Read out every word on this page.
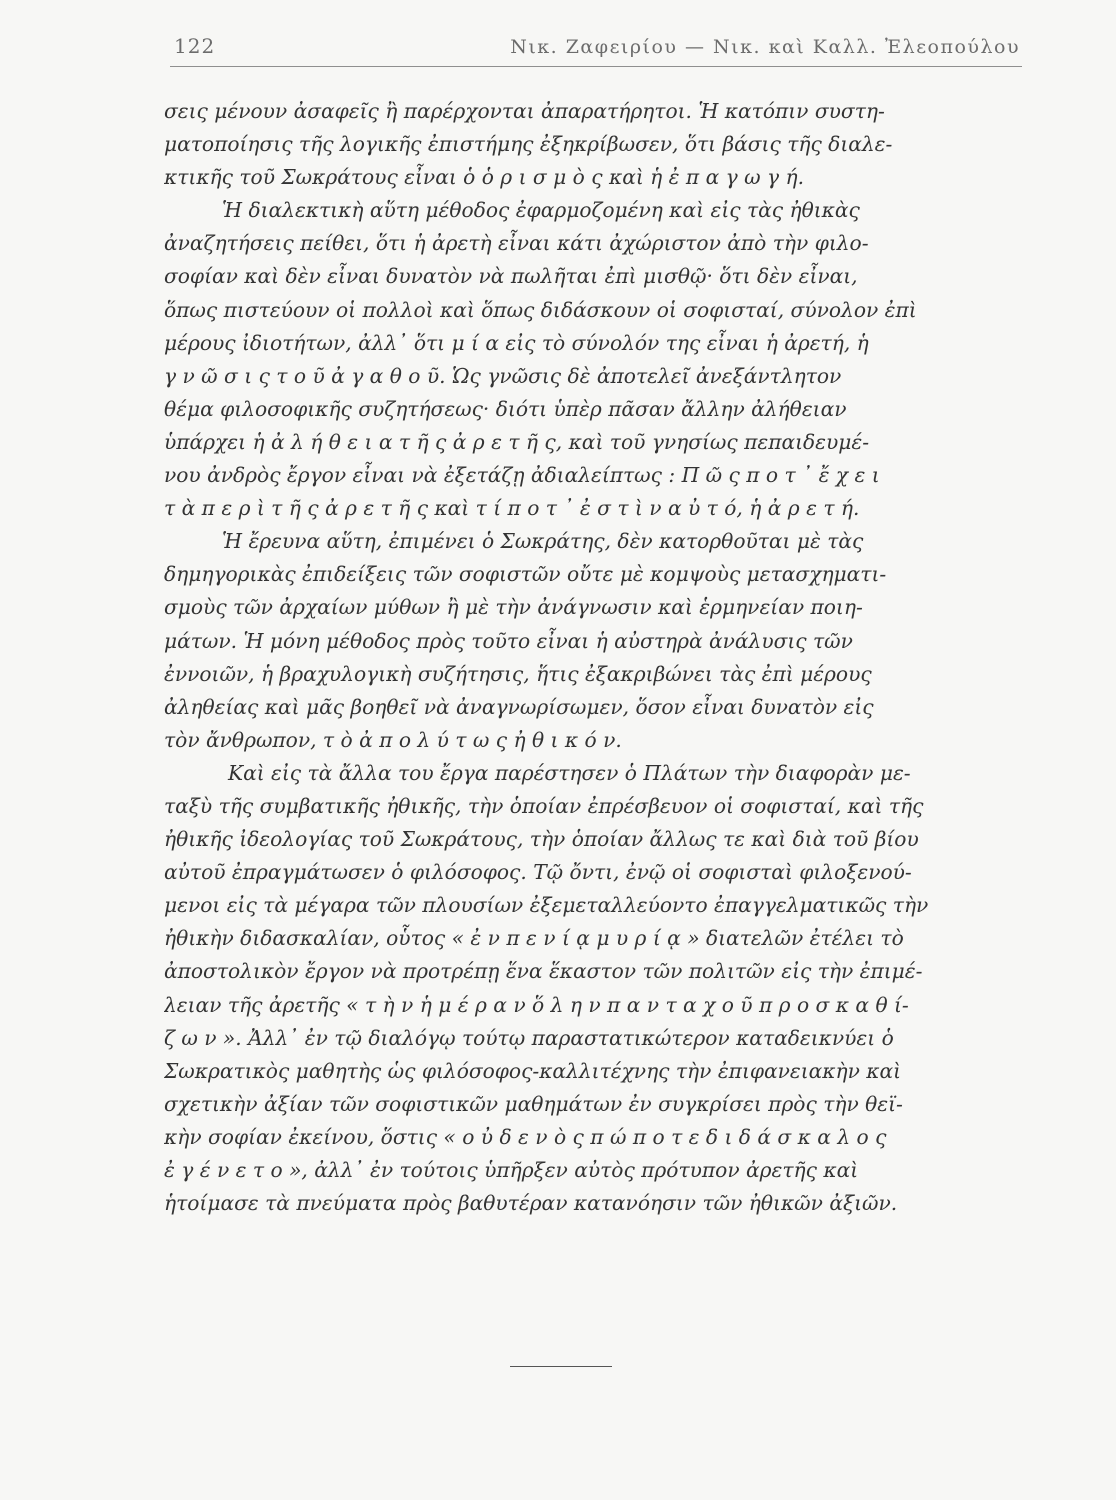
122	Νικ. Ζαφειρίου — Νικ. καὶ Καλλ. Ἐλεοπούλου
σεις μένουν ἀσαφεῖς ἢ παρέρχονται ἀπαρατήρητοι. Ἡ κατόπιν συστη-
ματοποίησις τῆς λογικῆς ἐπιστήμης ἐξηκρίβωσεν, ὅτι βάσις τῆς διαλε-
κτικῆς τοῦ Σωκράτους εἶναι ὁ ὁ ρ ι σ μ ὸ ς καὶ ἡ ἐ π α γ ω γ ή.
Ἡ διαλεκτικὴ αὕτη μέθοδος ἐφαρμοζομένη καὶ εἰς τὰς ἠθικὰς
ἀναζητήσεις πείθει, ὅτι ἡ ἀρετὴ εἶναι κάτι ἀχώριστον ἀπὸ τὴν φιλο-
σοφίαν καὶ δὲν εἶναι δυνατὸν νὰ πωλῆται ἐπὶ μισθῷ· ὅτι δὲν εἶναι,
ὅπως πιστεύουν οἱ πολλοὶ καὶ ὅπως διδάσκουν οἱ σοφισταί, σύνολον ἐπὶ
μέρους ἰδιοτήτων, ἀλλ᾽ ὅτι μ ί α εἰς τὸ σύνολόν της εἶναι ἡ ἀρετή, ἡ
γ ν ῶ σ ι ς τ ο ῦ ἀ γ α θ ο ῦ. Ὡς γνῶσις δὲ ἀποτελεῖ ἀνεξάντλητον
θέμα φιλοσοφικῆς συζητήσεως· διότι ὑπὲρ πᾶσαν ἄλλην ἀλήθειαν
ὑπάρχει ἡ ἀ λ ή θ ε ι α τ ῆ ς ἀ ρ ε τ ῆ ς, καὶ τοῦ γνησίως πεπαιδευμέ-
νου ἀνδρὸς ἔργον εἶναι νὰ ἐξετάζῃ ἀδιαλείπτως : Π ῶ ς π ο τ ᾽ ἔ χ ε ι
τ ὰ π ε ρ ὶ τ ῆ ς ἀ ρ ε τ ῆ ς καὶ τ ί π ο τ ᾽ ἐ σ τ ὶ ν α ὐ τ ό, ἡ ἀ ρ ε τ ή.
Ἡ ἔρευνα αὕτη, ἐπιμένει ὁ Σωκράτης, δὲν κατορθοῦται μὲ τὰς
δημηγορικὰς ἐπιδείξεις τῶν σοφιστῶν οὔτε μὲ κομψοὺς μετασχηματι-
σμοὺς τῶν ἀρχαίων μύθων ἢ μὲ τὴν ἀνάγνωσιν καὶ ἑρμηνείαν ποιη-
μάτων. Ἡ μόνη μέθοδος πρὸς τοῦτο εἶναι ἡ αὐστηρὰ ἀνάλυσις τῶν
ἐννοιῶν, ἡ βραχυλογικὴ συζήτησις, ἥτις ἐξακριβώνει τὰς ἐπὶ μέρους
ἀληθείας καὶ μᾶς βοηθεῖ νὰ ἀναγνωρίσωμεν, ὅσον εἶναι δυνατὸν εἰς
τὸν ἄνθρωπον, τ ὸ ἀ π ο λ ύ τ ω ς ἠ θ ι κ ό ν.
Καὶ εἰς τὰ ἄλλα του ἔργα παρέστησεν ὁ Πλάτων τὴν διαφορὰν με-
ταξὺ τῆς συμβατικῆς ἠθικῆς, τὴν ὁποίαν ἐπρέσβευον οἱ σοφισταί, καὶ τῆς
ἠθικῆς ἰδεολογίας τοῦ Σωκράτους, τὴν ὁποίαν ἄλλως τε καὶ διὰ τοῦ βίου
αὐτοῦ ἐπραγμάτωσεν ὁ φιλόσοφος. Τῷ ὄντι, ἐνῷ οἱ σοφισταὶ φιλοξενού-
μενοι εἰς τὰ μέγαρα τῶν πλουσίων ἐξεμεταλλεύοντο ἐπαγγελματικῶς τὴν
ἠθικὴν διδασκαλίαν, οὗτος « ἐ ν π ε ν ί ᾳ μ υ ρ ί ᾳ » διατελῶν ἐτέλει τὸ
ἀποστολικὸν ἔργον νὰ προτρέπῃ ἕνα ἕκαστον τῶν πολιτῶν εἰς τὴν ἐπιμέ-
λειαν τῆς ἀρετῆς « τ ὴ ν ἡ μ έ ρ α ν ὅ λ η ν π α ν τ α χ ο ῦ π ρ ο σ κ α θ ί-
ζ ω ν ». Ἀλλ᾽ ἐν τῷ διαλόγῳ τούτῳ παραστατικώτερον καταδεικνύει ὁ
Σωκρατικὸς μαθητὴς ὡς φιλόσοφος-καλλιτέχνης τὴν ἐπιφανειακὴν καὶ
σχετικὴν ἀξίαν τῶν σοφιστικῶν μαθημάτων ἐν συγκρίσει πρὸς τὴν θεϊ-
κὴν σοφίαν ἐκείνου, ὅστις « ο ὐ δ ε ν ὸ ς π ώ π ο τ ε δ ι δ ά σ κ α λ ο ς
ἐ γ έ ν ε τ ο », ἀλλ᾽ ἐν τούτοις ὑπῆρξεν αὐτὸς πρότυπον ἀρετῆς καὶ
ἡτοίμασε τὰ πνεύματα πρὸς βαθυτέραν κατανόησιν τῶν ἠθικῶν ἀξιῶν.
